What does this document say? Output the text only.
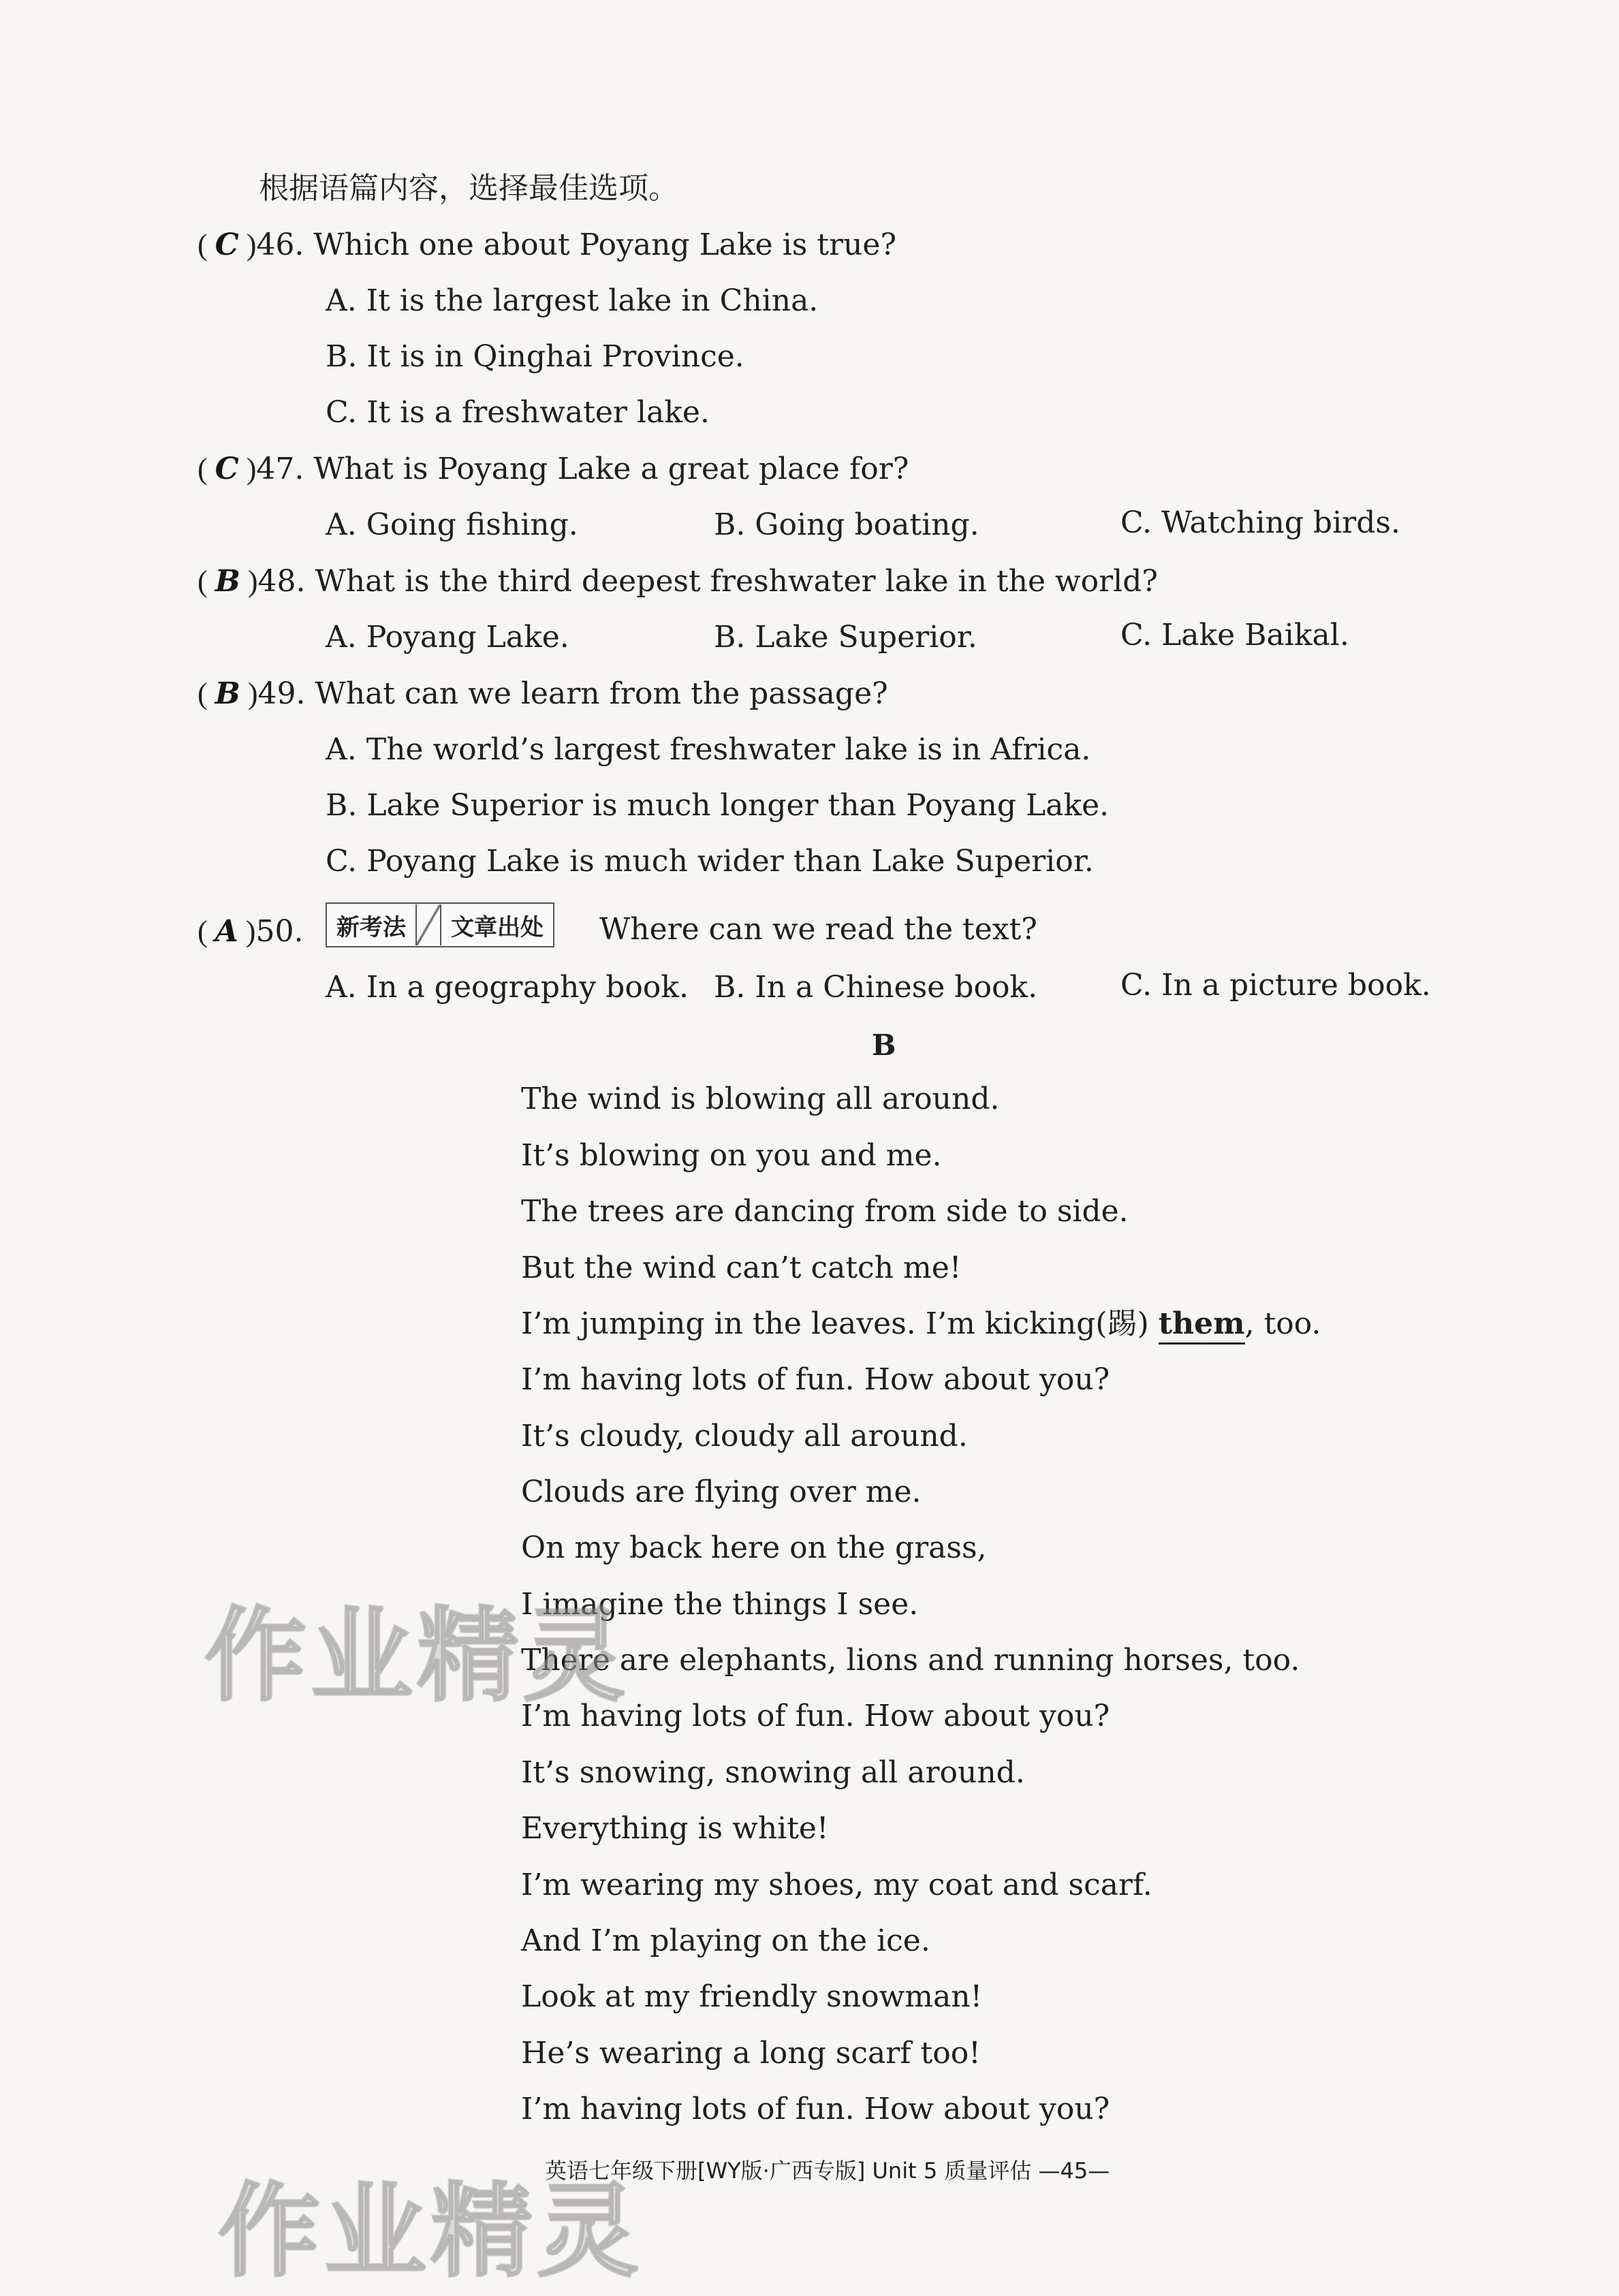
根据语篇内容，选择最佳选项。
( C )46. Which one about Poyang Lake is true?
A. It is the largest lake in China.
B. It is in Qinghai Province.
C. It is a freshwater lake.
( C )47. What is Poyang Lake a great place for?
A. Going fishing.	B. Going boating.	C. Watching birds.
( B )48. What is the third deepest freshwater lake in the world?
A. Poyang Lake.	B. Lake Superior.	C. Lake Baikal.
( B )49. What can we learn from the passage?
A. The world’s largest freshwater lake is in Africa.
B. Lake Superior is much longer than Poyang Lake.
C. Poyang Lake is much wider than Lake Superior.
( A )50.	新考法	文章出处	Where can we read the text?
A. In a geography book. B. In a Chinese book.	C. In a picture book.
B
The wind is blowing all around.
It’s blowing on you and me.
The trees are dancing from side to side.
But the wind can’t catch me!
I’m jumping in the leaves. I’m kicking(踢) them, too.
I’m having lots of fun. How about you?
It’s cloudy, cloudy all around.
Clouds are flying over me.
On my back here on the grass,
I imagine the things I see.
There are elephants, lions and running horses, too.
I’m having lots of fun. How about you?
It’s snowing, snowing all around.
Everything is white!
I’m wearing my shoes, my coat and scarf.
And I’m playing on the ice.
Look at my friendly snowman!
He’s wearing a long scarf too!
I’m having lots of fun. How about you?
英语七年级下册[WY版·广西专版] Unit 5 质量评估 —45—
作业精灵
作业精灵
